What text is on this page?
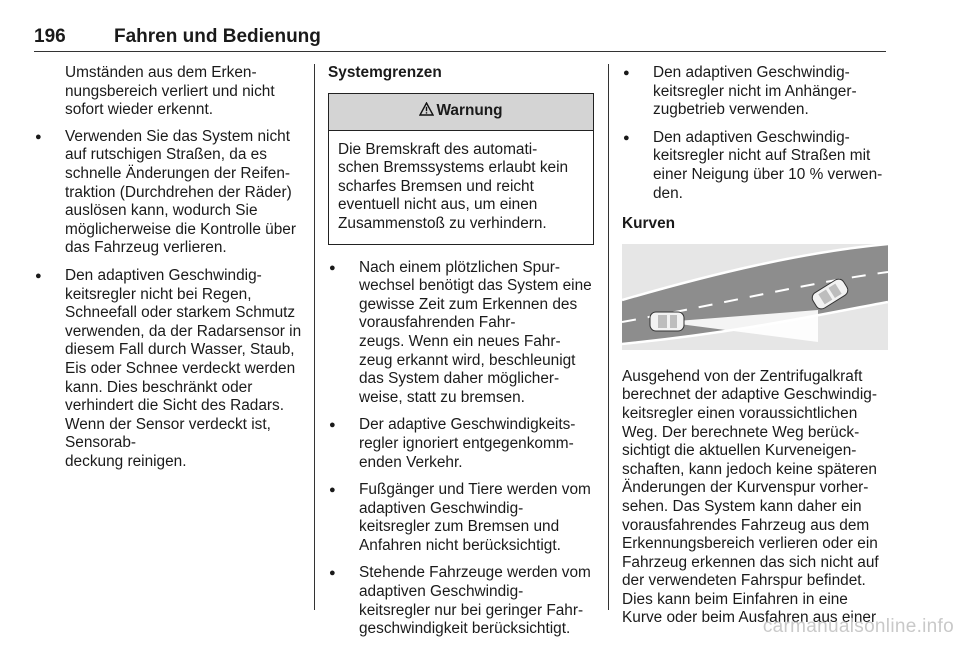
196	Fahren und Bedienung
Umständen aus dem Erken-
nungsbereich verliert und nicht
sofort wieder erkennt.
● Verwenden Sie das System nicht auf rutschigen Straßen, da es schnelle Änderungen der Reifen-
traktion (Durchdrehen der Räder) auslösen kann, wodurch Sie möglicherweise die Kontrolle über das Fahrzeug verlieren.
● Den adaptiven Geschwindig-
keitsregler nicht bei Regen, Schneefall oder starkem Schmutz verwenden, da der Radarsensor in diesem Fall durch Wasser, Staub, Eis oder Schnee verdeckt werden kann. Dies beschränkt oder verhindert die Sicht des Radars. Wenn der Sensor verdeckt ist, Sensorab-
deckung reinigen.
Systemgrenzen
Warnung
Die Bremskraft des automati-
schen Bremssystems erlaubt kein scharfes Bremsen und reicht eventuell nicht aus, um einen Zusammenstoß zu verhindern.
● Nach einem plötzlichen Spur-
wechsel benötigt das System eine gewisse Zeit zum Erkennen des vorausfahrenden Fahr-
zeugs. Wenn ein neues Fahr-
zeug erkannt wird, beschleunigt das System daher möglicher-
weise, statt zu bremsen.
● Der adaptive Geschwindigkeits-
regler ignoriert entgegenkomm-
enden Verkehr.
● Fußgänger und Tiere werden vom adaptiven Geschwindig-
keitsregler zum Bremsen und Anfahren nicht berücksichtigt.
● Stehende Fahrzeuge werden vom adaptiven Geschwindig-
keitsregler nur bei geringer Fahr-
geschwindigkeit berücksichtigt.
● Den adaptiven Geschwindig-
keitsregler nicht im Anhänger-
zugbetrieb verwenden.
● Den adaptiven Geschwindig-
keitsregler nicht auf Straßen mit einer Neigung über 10 % verwen-
den.
Kurven
Ausgehend von der Zentrifugalkraft berechnet der adaptive Geschwindig-
keitsregler einen voraussichtlichen Weg. Der berechnete Weg berück-
sichtigt die aktuellen Kurveneigen-
schaften, kann jedoch keine späteren Änderungen der Kurvenspur vorher-
sehen. Das System kann daher ein vorausfahrendes Fahrzeug aus dem Erkennungsbereich verlieren oder ein Fahrzeug erkennen das sich nicht auf der verwendeten Fahrspur befindet. Dies kann beim Einfahren in eine Kurve oder beim Ausfahren aus einer
carmanualsonline.info
